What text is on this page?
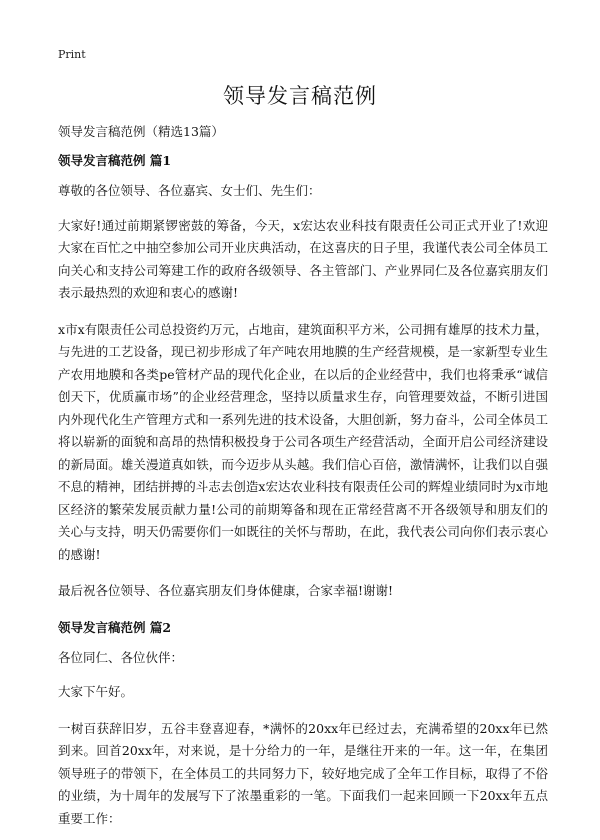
Print
领导发言稿范例
领导发言稿范例（精选13篇）
领导发言稿范例 篇1

尊敬的各位领导、各位嘉宾、女士们、先生们：

大家好!通过前期紧锣密鼓的筹备，今天，x宏达农业科技有限责任公司正式开业了!欢迎大家在百忙之中抽空参加公司开业庆典活动，在这喜庆的日子里，我谨代表公司全体员工向关心和支持公司筹建工作的政府各级领导、各主管部门、产业界同仁及各位嘉宾朋友们表示最热烈的欢迎和衷心的感谢!

x市x有限责任公司总投资约万元，占地亩，建筑面积平方米，公司拥有雄厚的技术力量，与先进的工艺设备，现已初步形成了年产吨农用地膜的生产经营规模，是一家新型专业生产农用地膜和各类pe管材产品的现代化企业，在以后的企业经营中，我们也将秉承“诚信创天下，优质赢市场”的企业经营理念，坚持以质量求生存，向管理要效益，不断引进国内外现代化生产管理方式和一系列先进的技术设备，大胆创新，努力奋斗，公司全体员工将以崭新的面貌和高昂的热情积极投身于公司各项生产经营活动，全面开启公司经济建设的新局面。雄关漫道真如铁，而今迈步从头越。我们信心百倍，激情满怀，让我们以自强不息的精神，团结拼搏的斗志去创造x宏达农业科技有限责任公司的辉煌业绩同时为x市地区经济的繁荣发展贡献力量!公司的前期筹备和现在正常经营离不开各级领导和朋友们的关心与支持，明天仍需要你们一如既往的关怀与帮助，在此，我代表公司向你们表示衷心的感谢!

最后祝各位领导、各位嘉宾朋友们身体健康，合家幸福!谢谢!

领导发言稿范例 篇2

各位同仁、各位伙伴：

大家下午好。

一树百获辞旧岁，五谷丰登喜迎春，*满怀的20xx年已经过去，充满希望的20xx年已然到来。回首20xx年，对来说，是十分给力的一年，是继往开来的一年。这一年，在集团领导班子的带领下，在全体员工的共同努力下，较好地完成了全年工作目标，取得了不俗的业绩，为十周年的发展写下了浓墨重彩的一笔。下面我们一起来回顾一下20xx年五点重要工作：
